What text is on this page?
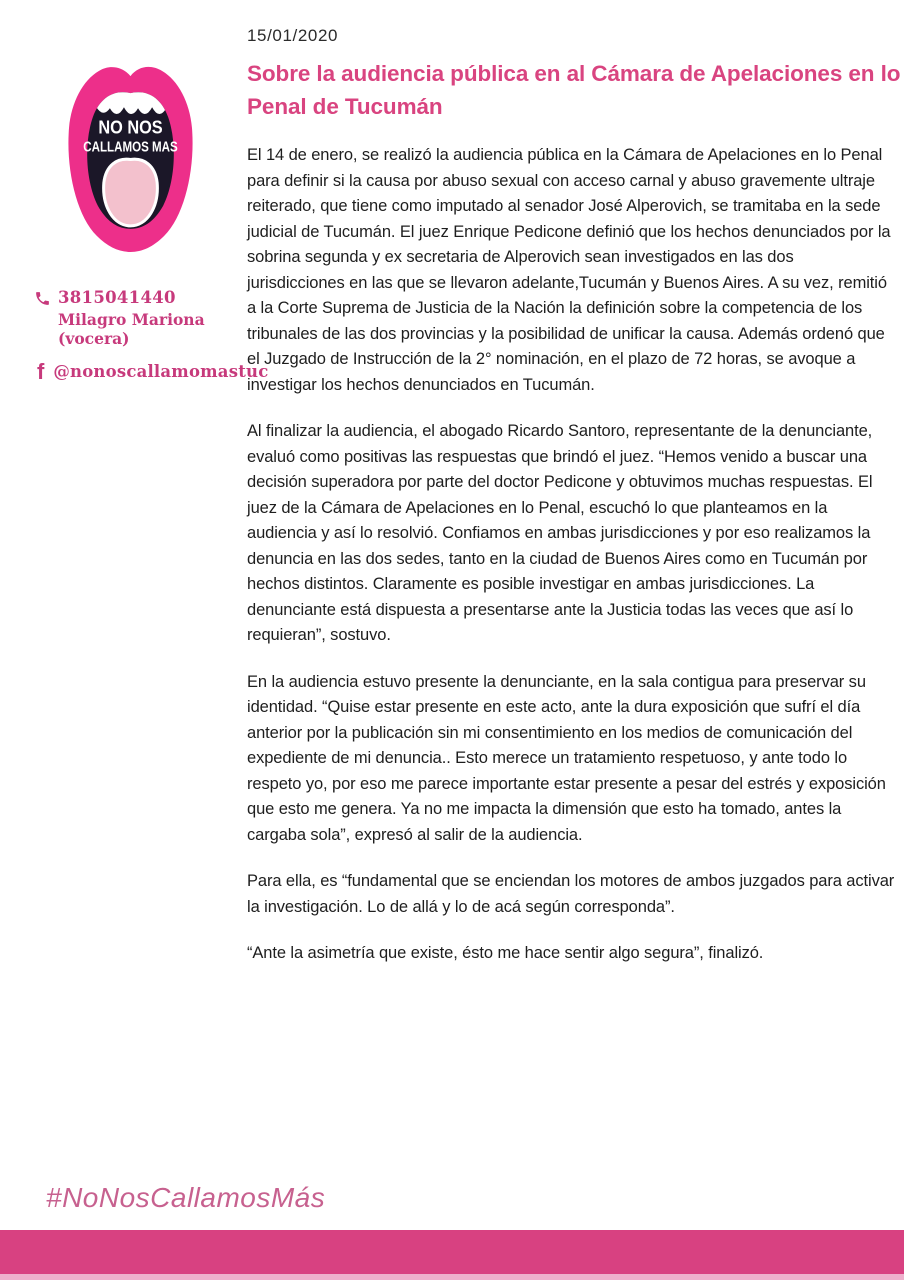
15/01/2020
Sobre la audiencia pública en al Cámara de Apelaciones en lo Penal de Tucumán
NO NOS
CALLAMOS MAS
3815041440
Milagro Mariona (vocera)
f @nonoscallamomastuc

El 14 de enero, se realizó la audiencia pública en la Cámara de Apelaciones en lo Penal para definir si la causa por abuso sexual con acceso carnal y abuso gravemente ultraje reiterado, que tiene como imputado al senador José Alperovich, se tramitaba en la sede judicial de Tucumán. El juez Enrique Pedicone definió que los hechos denunciados por la sobrina segunda y ex secretaria de Alperovich sean investigados en las dos jurisdicciones en las que se llevaron adelante,Tucumán y Buenos Aires. A su vez, remitió a la Corte Suprema de Justicia de la Nación la definición sobre la competencia de los tribunales de las dos provincias y la posibilidad de unificar la causa. Además ordenó que el Juzgado de Instrucción de la 2° nominación, en el plazo de 72 horas, se avoque a investigar los hechos denunciados en Tucumán.

Al finalizar la audiencia, el abogado Ricardo Santoro, representante de la denunciante, evaluó como positivas las respuestas que brindó el juez. “Hemos venido a buscar una decisión superadora por parte del doctor Pedicone y obtuvimos muchas respuestas. El juez de la Cámara de Apelaciones en lo Penal, escuchó lo que planteamos en la audiencia y así lo resolvió. Confiamos en ambas jurisdicciones y por eso realizamos la denuncia en las dos sedes, tanto en la ciudad de Buenos Aires como en Tucumán por hechos distintos. Claramente es posible investigar en ambas jurisdicciones. La denunciante está dispuesta a presentarse ante la Justicia todas las veces que así lo requieran”, sostuvo.

En la audiencia estuvo presente la denunciante, en la sala contigua para preservar su identidad. “Quise estar presente en este acto, ante la dura exposición que sufrí el día anterior por la publicación sin mi consentimiento en los medios de comunicación del expediente de mi denuncia.. Esto merece un tratamiento respetuoso, y ante todo lo respeto yo, por eso me parece importante estar presente a pesar del estrés y exposición que esto me genera. Ya no me impacta la dimensión que esto ha tomado, antes la cargaba sola”, expresó al salir de la audiencia.

Para ella, es “fundamental que se enciendan los motores de ambos juzgados para activar la investigación. Lo de allá y lo de acá según corresponda”.

“Ante la asimetría que existe, ésto me hace sentir algo segura”, finalizó.

#NoNosCallamosMás
